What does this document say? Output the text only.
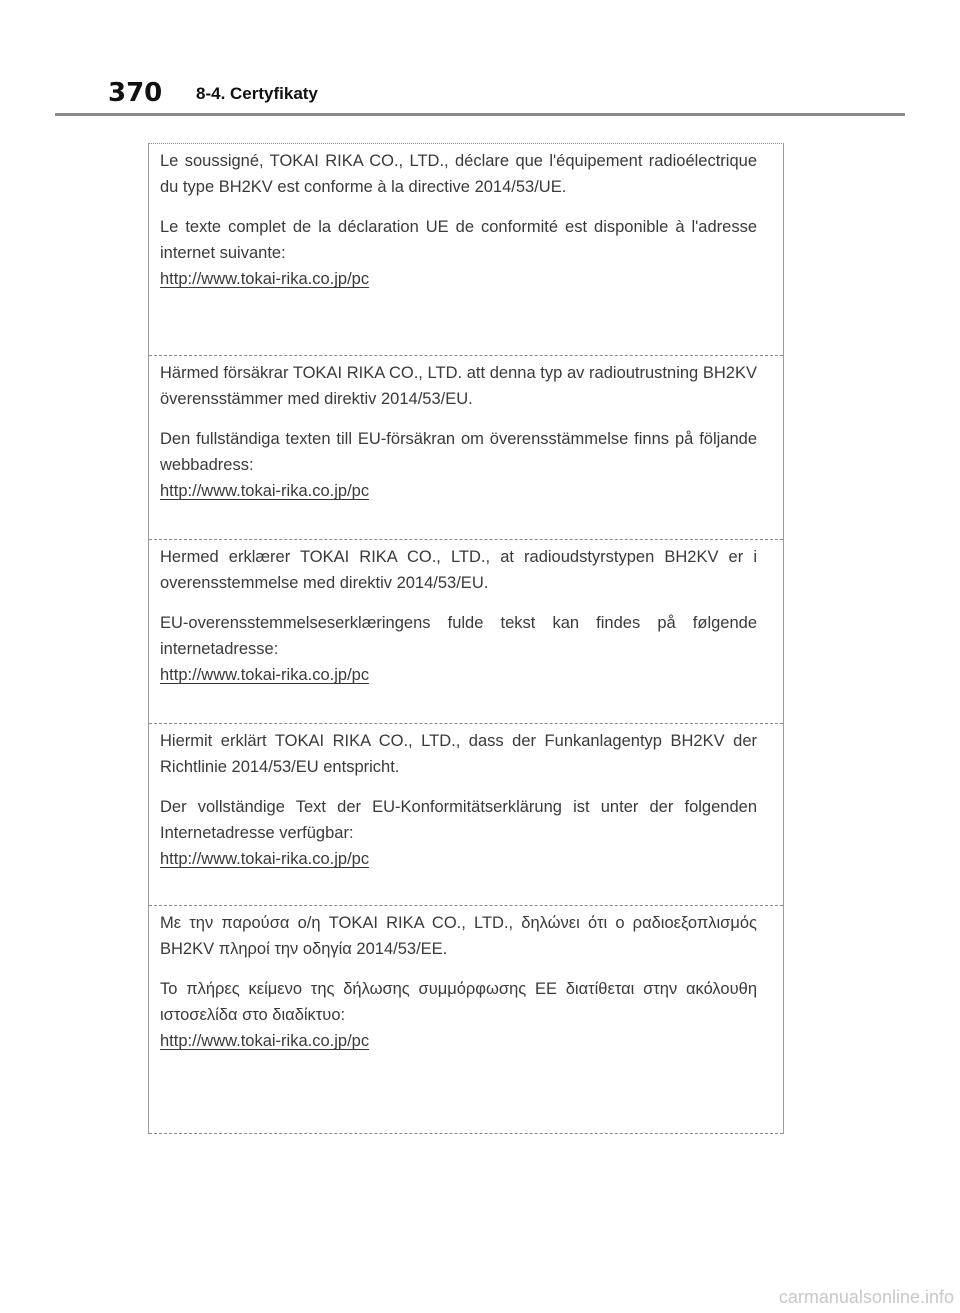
370 8-4. Certyfikaty

Le soussigné, TOKAI RIKA CO., LTD., déclare que l'équipement radioélectrique du type BH2KV est conforme à la directive 2014/53/UE.

Le texte complet de la déclaration UE de conformité est disponible à l'adresse internet suivante:
http://www.tokai-rika.co.jp/pc

Härmed försäkrar TOKAI RIKA CO., LTD. att denna typ av radioutrustning BH2KV överensstämmer med direktiv 2014/53/EU.

Den fullständiga texten till EU-försäkran om överensstämmelse finns på följande webbadress:
http://www.tokai-rika.co.jp/pc

Hermed erklærer TOKAI RIKA CO., LTD., at radioudstyrstypen BH2KV er i overensstemmelse med direktiv 2014/53/EU.

EU-overensstemmelseserklæringens fulde tekst kan findes på følgende internetadresse:
http://www.tokai-rika.co.jp/pc

Hiermit erklärt TOKAI RIKA CO., LTD., dass der Funkanlagentyp BH2KV der Richtlinie 2014/53/EU entspricht.

Der vollständige Text der EU-Konformitätserklärung ist unter der folgenden Internetadresse verfügbar:
http://www.tokai-rika.co.jp/pc

Με την παρούσα ο/η TOKAI RIKA CO., LTD., δηλώνει ότι ο ραδιοεξοπλισμός BH2KV πληροί την οδηγία 2014/53/ΕΕ.

Το πλήρες κείμενο της δήλωσης συμμόρφωσης ΕΕ διατίθεται στην ακόλουθη ιστοσελίδα στο διαδίκτυο:
http://www.tokai-rika.co.jp/pc

carmanualsonline.info
